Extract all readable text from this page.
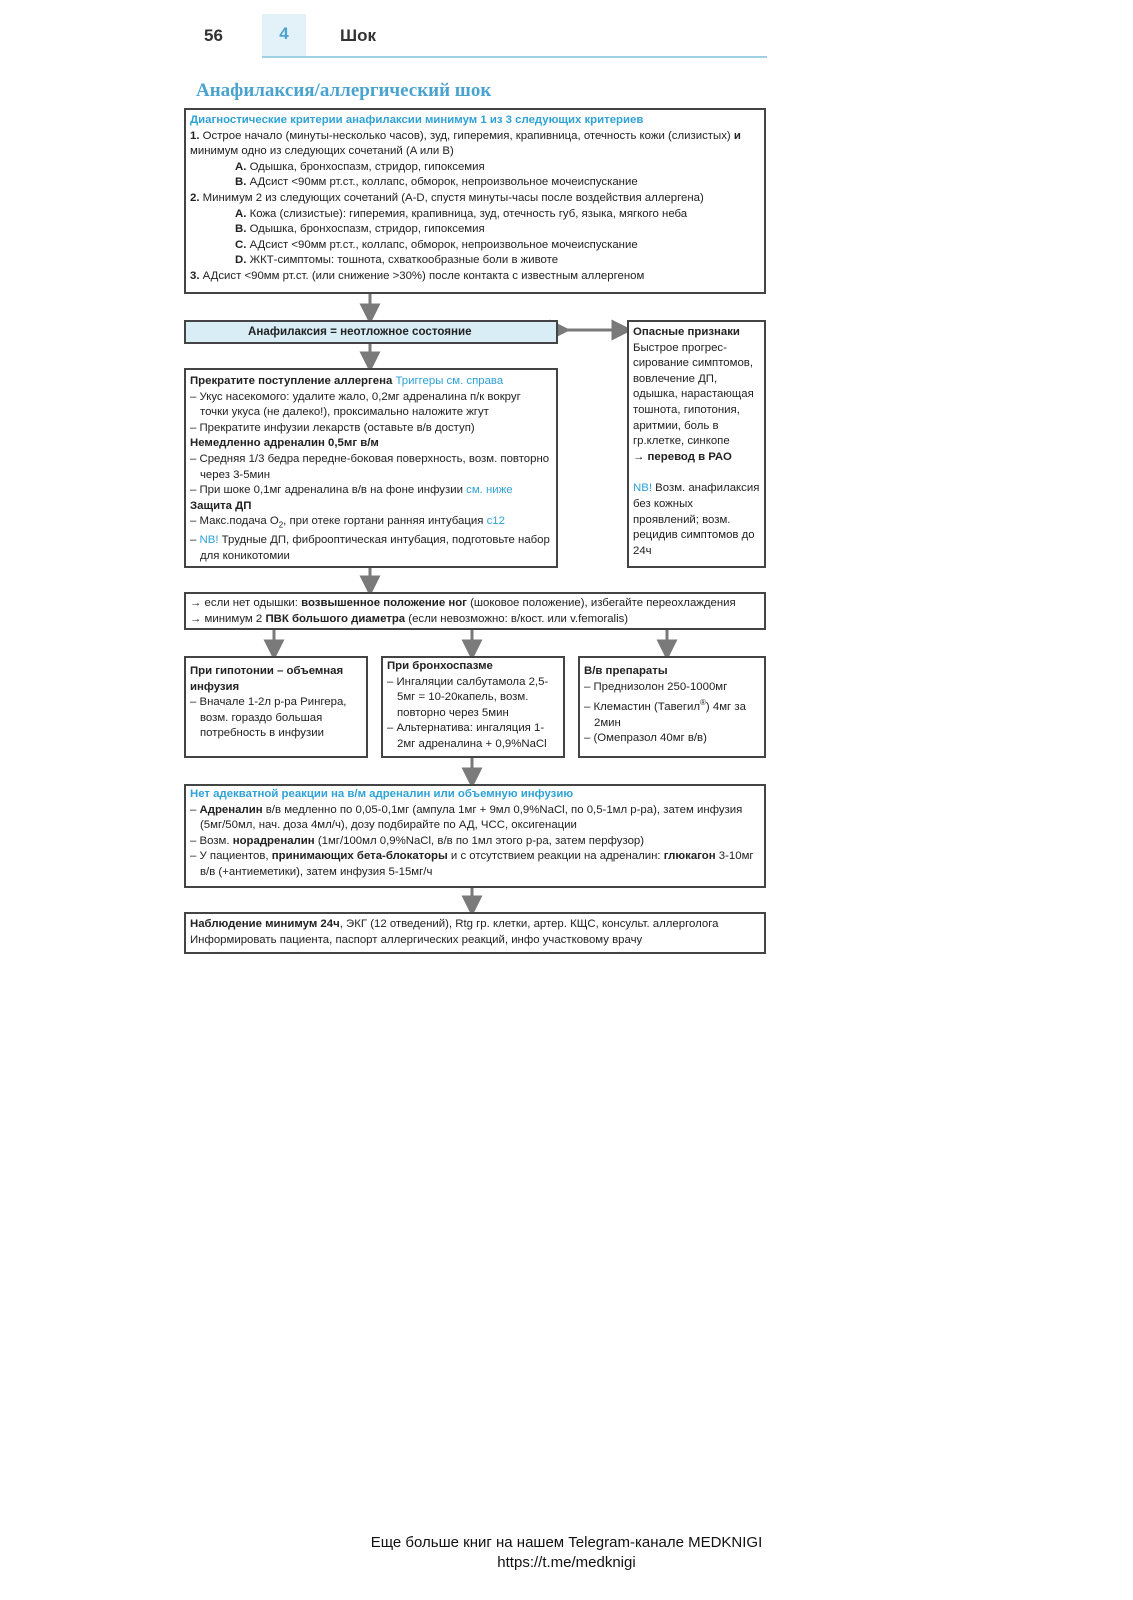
56	4	Шок
Анафилаксия/аллергический шок

Диагностические критерии анафилаксии минимум 1 из 3 следующих критериев

1. Острое начало (минуты-несколько часов), зуд, гиперемия, крапивница, отечность кожи (слизистых) и минимум одно из следующих сочетаний (A или B)

A. Одышка, бронхоспазм, стридор, гипоксемия

B. АДсист <90мм рт.ст., коллапс, обморок, непроизвольное мочеиспускание

2. Минимум 2 из следующих сочетаний (A-D, спустя минуты-часы после воздействия аллергена)

A. Кожа (слизистые): гиперемия, крапивница, зуд, отечность губ, языка, мягкого неба

B. Одышка, бронхоспазм, стридор, гипоксемия

C. АДсист <90мм рт.ст., коллапс, обморок, непроизвольное мочеиспускание

D. ЖКТ-симптомы: тошнота, схваткообразные боли в животе

3. АДсист <90мм рт.ст. (или снижение >30%) после контакта с известным аллергеном

Анафилаксия = неотложное состояние	Опасные признаки

Быстрое прогрес-сирование симптомов, вовлечение ДП, одышка, нарастающая тошнота, гипотония, аритмии, боль в гр.клетке, синкопе

→ перевод в РАО

NB! Возм. анафилаксия без кожных проявлений; возм. рецидив симптомов до 24ч

Прекратите поступление аллергена Триггеры см. справа

– Укус насекомого: удалите жало, 0,2мг адреналина п/к вокруг точки укуса (не далеко!), проксимально наложите жгут

– Прекратите инфузии лекарств (оставьте в/в доступ)

Немедленно адреналин 0,5мг в/м

– Средняя 1/3 бедра передне-боковая поверхность, возм. повторно через 3-5мин

– При шоке 0,1мг адреналина в/в на фоне инфузии см. ниже

Защита ДП

– Макс.подача $O_2$, при отеке гортани ранняя интубация c12

– NB! Трудные ДП, фиброоптическая интубация, подготовьте набор для коникотомии

→ если нет одышки: возвышенное положение ног (шоковое положение), избегайте переохлаждения

→ минимум 2 ПВК большого диаметра (если невозможно: в/кост. или v.femoralis)

При гипотонии – объемная инфузия

– Вначале 1-2л р-ра Рингера, возм. гораздо большая потребность в инфузии

При бронхоспазме

– Ингаляции салбутамола 2,5-5мг = 10-20капель, возм. повторно через 5мин

– Альтернатива: ингаляция 1-2мг адреналина + 0,9%NaCl

В/в препараты

– Преднизолон 250-1000мг

– Клемастин (Тавегил®) 4мг за 2мин

– (Омепразол 40мг в/в)

Нет адекватной реакции на в/м адреналин или объемную инфузию

– Адреналин в/в медленно по 0,05-0,1мг (ампула 1мг + 9мл 0,9%NaCl, по 0,5-1мл р-ра), затем инфузия (5мг/50мл, нач. доза 4мл/ч), дозу подбирайте по АД, ЧСС, оксигенации

– Возм. норадреналин (1мг/100мл 0,9%NaCl, в/в по 1мл этого р-ра, затем перфузор)

– У пациентов, принимающих бета-блокаторы и с отсутствием реакции на адреналин: глюкагон 3-10мг в/в (+антиеметики), затем инфузия 5-15мг/ч

Наблюдение минимум 24ч, ЭКГ (12 отведений), Rtg гр. клетки, артер. КЩС, консульт. аллерголога

Информировать пациента, паспорт аллергических реакций, инфо участковому врачу

Еще больше книг на нашем Telegram-канале MEDKNIGI
https://t.me/medknigi
